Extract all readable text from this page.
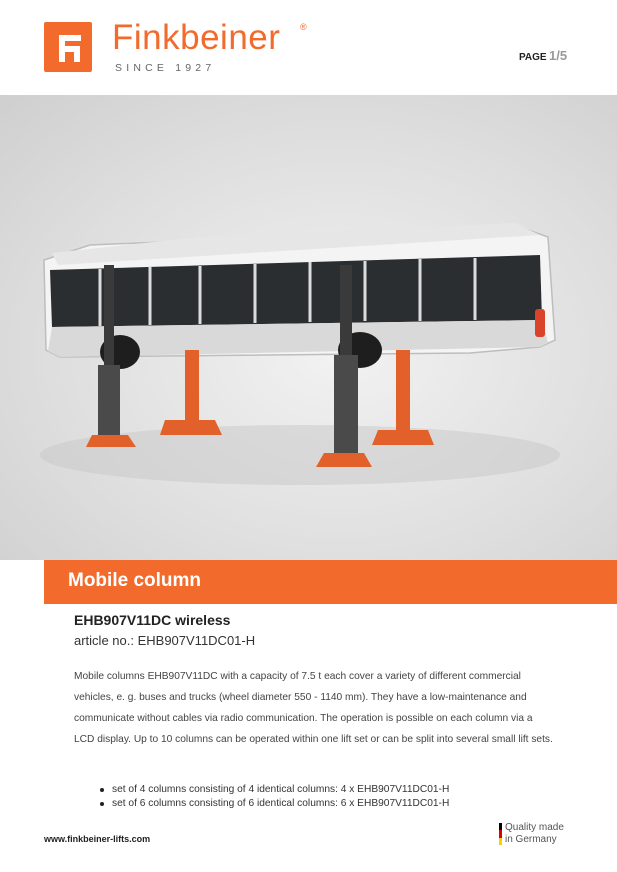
Finkbeiner ®
SINCE 1927
PAGE 1/5
Mobile column
EHB907V11DC wireless
article no.: EHB907V11DC01-H
Mobile columns EHB907V11DC with a capacity of 7.5 t each cover a variety of different commercial vehicles, e. g. buses and trucks (wheel diameter 550 - 1140 mm). They have a low-maintenance and communicate without cables via radio communication. The operation is possible on each column via a LCD display. Up to 10 columns can be operated within one lift set or can be split into several small lift sets.
set of 4 columns consisting of 4 identical columns: 4 x EHB907V11DC01-H
set of 6 columns consisting of 6 identical columns: 6 x EHB907V11DC01-H
www.finkbeiner-lifts.com
Quality made
in Germany
